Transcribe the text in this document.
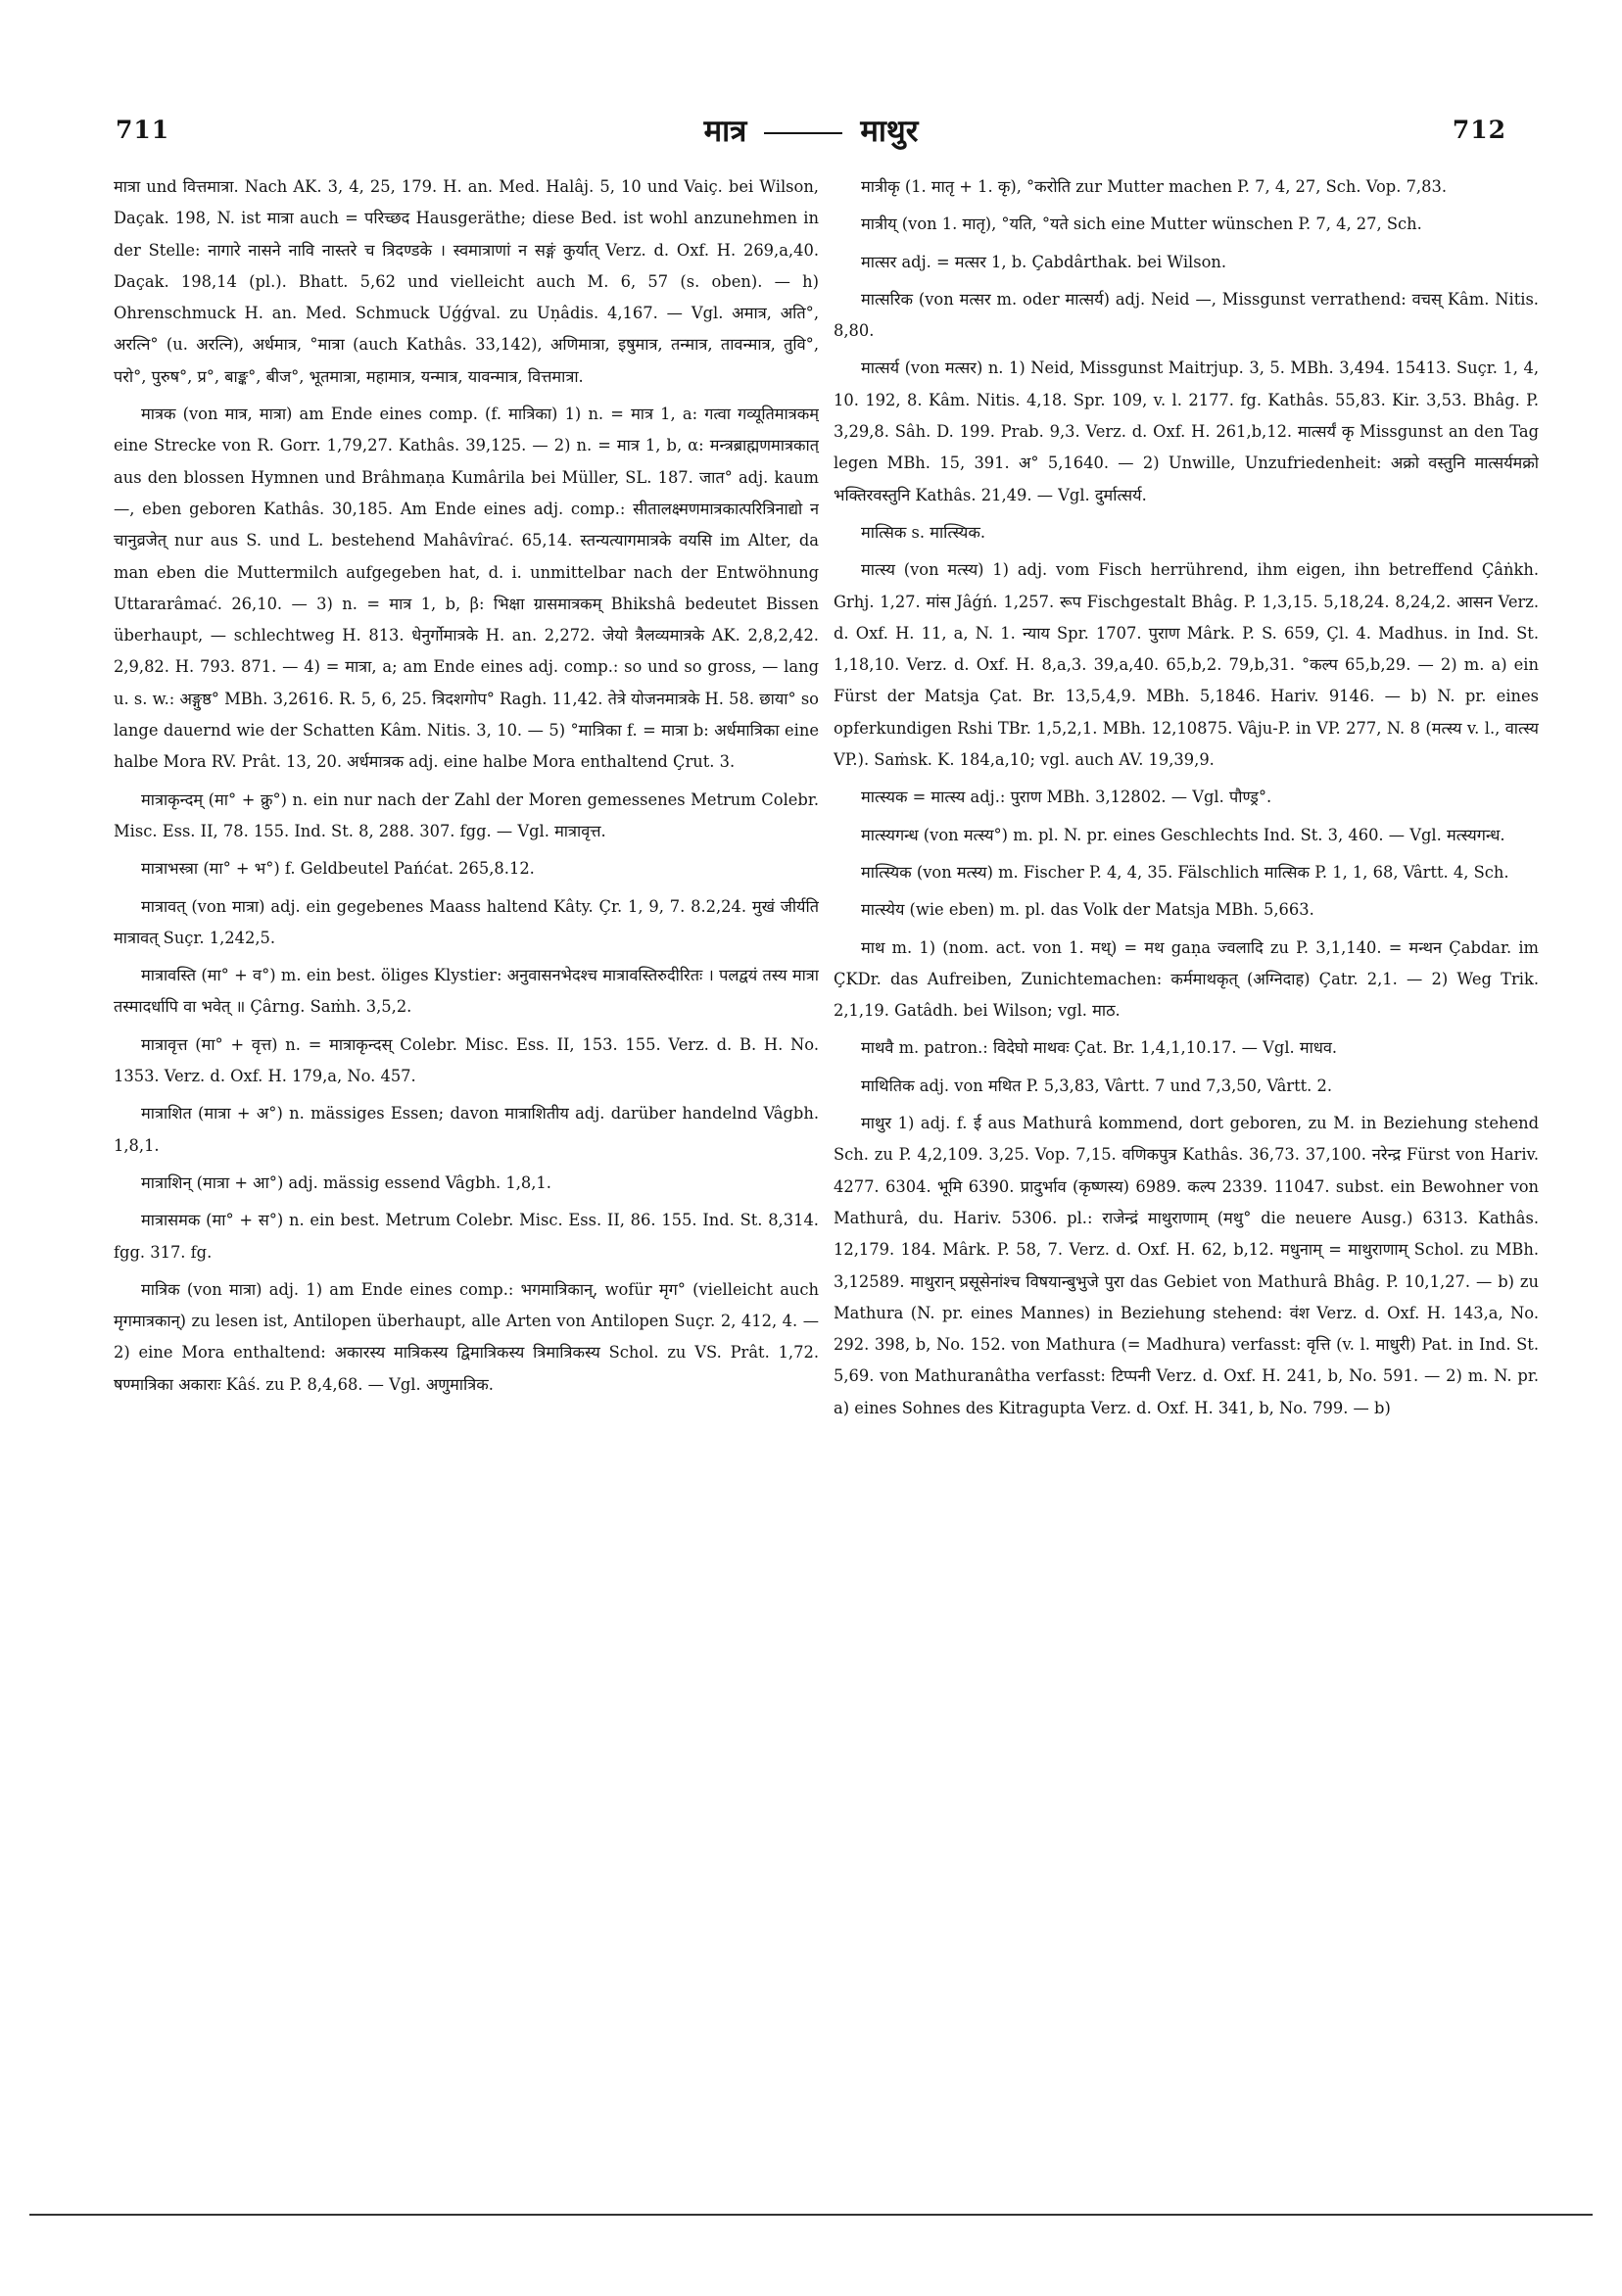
711	मात्र	माथुर	712

मात्रा und वित्तमात्रा. Nach AK. 3, 4, 25, 179. H. an. Med. Halâj. 5, 10 und Vaiç. bei Wilson, Daçak. 198, N. ist मात्रा auch = परिच्छद Hausgeräthe; diese Bed. ist wohl anzunehmen in der Stelle: नागारे नासने नावि नास्तरे च त्रिदण्डके । स्वमात्राणां न सङ्गं कुर्यात् Verz. d. Oxf. H. 269,a,40. Daçak. 198,14 (pl.). Bhatt. 5,62 und vielleicht auch M. 6, 57 (s. oben). — h) Ohrenschmuck H. an. Med. Schmuck Uǵǵval. zu Uṇâdis. 4,167. — Vgl. अमात्र, अति°, अरत्नि° (u. अरत्नि), अर्धमात्र, °मात्रा (auch Kathâs. 33,142), अणिमात्रा, इषुमात्र, तन्मात्र, तावन्मात्र, तुवि°, परो°, पुरुष°, प्र°, बाङ्क°, बीज°, भूतमात्रा, महामात्र, यन्मात्र, यावन्मात्र, वित्तमात्रा.

मात्रक (von मात्र, मात्रा) am Ende eines comp. (f. मात्रिका) 1) n. = मात्र 1, a: गत्वा गव्यूतिमात्रकम् eine Strecke von R. Gorr. 1,79,27. Kathâs. 39,125. — 2) n. = मात्र 1, b, α: मन्त्रब्राह्मणमात्रकात् aus den blossen Hymnen und Brâhmaṇa Kumârila bei Müller, SL. 187. जात° adj. kaum —, eben geboren Kathâs. 30,185. Am Ende eines adj. comp.: सीतालक्ष्मणमात्रकात्परित्रिनाद्यो न चानुव्रजेत् nur aus S. und L. bestehend Mahâvîrać. 65,14. स्तन्यत्यागमात्रके वयसि im Alter, da man eben die Muttermilch aufgegeben hat, d. i. unmittelbar nach der Entwöhnung Uttararâmać. 26,10. — 3) n. = मात्र 1, b, β: भिक्षा ग्रासमात्रकम् Bhikshâ bedeutet Bissen überhaupt, — schlechtweg H. 813. धेनुर्गोमात्रके H. an. 2,272. जेयो त्रैलव्यमात्रके AK. 2,8,2,42. 2,9,82. H. 793. 871. — 4) = मात्रा, a; am Ende eines adj. comp.: so und so gross, — lang u. s. w.: अङ्गुष्ठ° MBh. 3,2616. R. 5, 6, 25. त्रिदशगोप° Ragh. 11,42. तेत्रे योजनमात्रके H. 58. छाया° so lange dauernd wie der Schatten Kâm. Nitis. 3, 10. — 5) °मात्रिका f. = मात्रा b: अर्धमात्रिका eine halbe Mora RV. Prât. 13, 20. अर्धमात्रक adj. eine halbe Mora enthaltend Çrut. 3.

मात्राकृन्दम् (मा° + क्रु°) n. ein nur nach der Zahl der Moren gemessenes Metrum Colebr. Misc. Ess. II, 78. 155. Ind. St. 8, 288. 307. fgg. — Vgl. मात्रावृत्त.

मात्राभस्त्रा (मा° + भ°) f. Geldbeutel Pańćat. 265,8.12.

मात्रावत् (von मात्रा) adj. ein gegebenes Maass haltend Kâty. Çr. 1, 9, 7. 8.2,24. मुखं जीर्यति मात्रावत् Suçr. 1,242,5.

मात्रावस्ति (मा° + व°) m. ein best. öliges Klystier: अनुवासनभेदश्च मात्रावस्तिरुदीरितः । पलद्वयं तस्य मात्रा तस्मादर्धापि वा भवेत् ॥ Çârng. Saṁh. 3,5,2.

मात्रावृत्त (मा° + वृत्त) n. = मात्राकृन्दस् Colebr. Misc. Ess. II, 153. 155. Verz. d. B. H. No. 1353. Verz. d. Oxf. H. 179,a, No. 457.

मात्राशित (मात्रा + अ°) n. mässiges Essen; davon मात्राशितीय adj. darüber handelnd Vâgbh. 1,8,1.

मात्राशिन् (मात्रा + आ°) adj. mässig essend Vâgbh. 1,8,1.

मात्रासमक (मा° + स°) n. ein best. Metrum Colebr. Misc. Ess. II, 86. 155. Ind. St. 8,314. fgg. 317. fg.

मात्रिक (von मात्रा) adj. 1) am Ende eines comp.: भगमात्रिकान्, wofür मृग° (vielleicht auch मृगमात्रकान्) zu lesen ist, Antilopen überhaupt, alle Arten von Antilopen Suçr. 2, 412, 4. — 2) eine Mora enthaltend: अकारस्य मात्रिकस्य द्विमात्रिकस्य त्रिमात्रिकस्य Schol. zu VS. Prât. 1,72. षण्मात्रिका अकाराः Kâś. zu P. 8,4,68. — Vgl. अणुमात्रिक.

मात्रीकृ (1. मातृ + 1. कृ), °करोति zur Mutter machen P. 7, 4, 27, Sch. Vop. 7,83.

मात्रीय् (von 1. मातृ), °यति, °यते sich eine Mutter wünschen P. 7, 4, 27, Sch.

मात्सर adj. = मत्सर 1, b. Çabdârthak. bei Wilson.

मात्सरिक (von मत्सर m. oder मात्सर्य) adj. Neid —, Missgunst verrathend: वचस् Kâm. Nitis. 8,80.

मात्सर्य (von मत्सर) n. 1) Neid, Missgunst Maitrjup. 3, 5. MBh. 3,494. 15413. Suçr. 1, 4, 10. 192, 8. Kâm. Nitis. 4,18. Spr. 109, v. l. 2177. fg. Kathâs. 55,83. Kir. 3,53. Bhâg. P. 3,29,8. Sâh. D. 199. Prab. 9,3. Verz. d. Oxf. H. 261,b,12. मात्सर्यं कृ Missgunst an den Tag legen MBh. 15, 391. अ° 5,1640. — 2) Unwille, Unzufriedenheit: अक्रो वस्तुनि मात्सर्यमक्रो भक्तिरवस्तुनि Kathâs. 21,49. — Vgl. दुर्मात्सर्य.

मात्सिक s. मात्स्यिक.

मात्स्य (von मत्स्य) 1) adj. vom Fisch herrührend, ihm eigen, ihn betreffend Çâṅkh. Grhj. 1,27. मांस Jâǵń. 1,257. रूप Fischgestalt Bhâg. P. 1,3,15. 5,18,24. 8,24,2. आसन Verz. d. Oxf. H. 11, a, N. 1. न्याय Spr. 1707. पुराण Mârk. P. S. 659, Çl. 4. Madhus. in Ind. St. 1,18,10. Verz. d. Oxf. H. 8,a,3. 39,a,40. 65,b,2. 79,b,31. °कल्प 65,b,29. — 2) m. a) ein Fürst der Matsja Çat. Br. 13,5,4,9. MBh. 5,1846. Hariv. 9146. — b) N. pr. eines opferkundigen Rshi TBr. 1,5,2,1. MBh. 12,10875. Vâju-P. in VP. 277, N. 8 (मत्स्य v. l., वात्स्य VP.). Saṁsk. K. 184,a,10; vgl. auch AV. 19,39,9.

मात्स्यक = मात्स्य adj.: पुराण MBh. 3,12802. — Vgl. पौण्ड्र°.

मात्स्यगन्ध (von मत्स्य°) m. pl. N. pr. eines Geschlechts Ind. St. 3, 460. — Vgl. मत्स्यगन्ध.

मात्स्यिक (von मत्स्य) m. Fischer P. 4, 4, 35. Fälschlich मात्सिक P. 1, 1, 68, Vârtt. 4, Sch.

मात्स्येय (wie eben) m. pl. das Volk der Matsja MBh. 5,663.

माथ m. 1) (nom. act. von 1. मथ्) = मथ gaṇa ज्वलादि zu P. 3,1,140. = मन्थन Çabdar. im ÇKDr. das Aufreiben, Zunichtemachen: कर्ममाथकृत् (अग्निदाह) Çatr. 2,1. — 2) Weg Trik. 2,1,19. Gatâdh. bei Wilson; vgl. माठ.

माथवै m. patron.: विदेघो माथवः Çat. Br. 1,4,1,10.17. — Vgl. माधव.

माथितिक adj. von मथित P. 5,3,83, Vârtt. 7 und 7,3,50, Vârtt. 2.

माथुर 1) adj. f. ई aus Mathurâ kommend, dort geboren, zu M. in Beziehung stehend Sch. zu P. 4,2,109. 3,25. Vop. 7,15. वणिकपुत्र Kathâs. 36,73. 37,100. नरेन्द्र Fürst von Hariv. 4277. 6304. भूमि 6390. प्रादुर्भाव (कृष्णस्य) 6989. कल्प 2339. 11047. subst. ein Bewohner von Mathurâ, du. Hariv. 5306. pl.: राजेन्द्रं माथुराणाम् (मथु° die neuere Ausg.) 6313. Kathâs. 12,179. 184. Mârk. P. 58, 7. Verz. d. Oxf. H. 62, b,12. मधुनाम् = माथुराणाम् Schol. zu MBh. 3,12589. माथुरान् प्रसूसेनांश्च विषयान्बुभुजे पुरा das Gebiet von Mathurâ Bhâg. P. 10,1,27. — b) zu Mathura (N. pr. eines Mannes) in Beziehung stehend: वंश Verz. d. Oxf. H. 143,a, No. 292. 398, b, No. 152. von Mathura (= Madhura) verfasst: वृत्ति (v. l. माधुरी) Pat. in Ind. St. 5,69. von Mathuranâtha verfasst: टिप्पनी Verz. d. Oxf. H. 241, b, No. 591. — 2) m. N. pr. a) eines Sohnes des Kitragupta Verz. d. Oxf. H. 341, b, No. 799. — b)
